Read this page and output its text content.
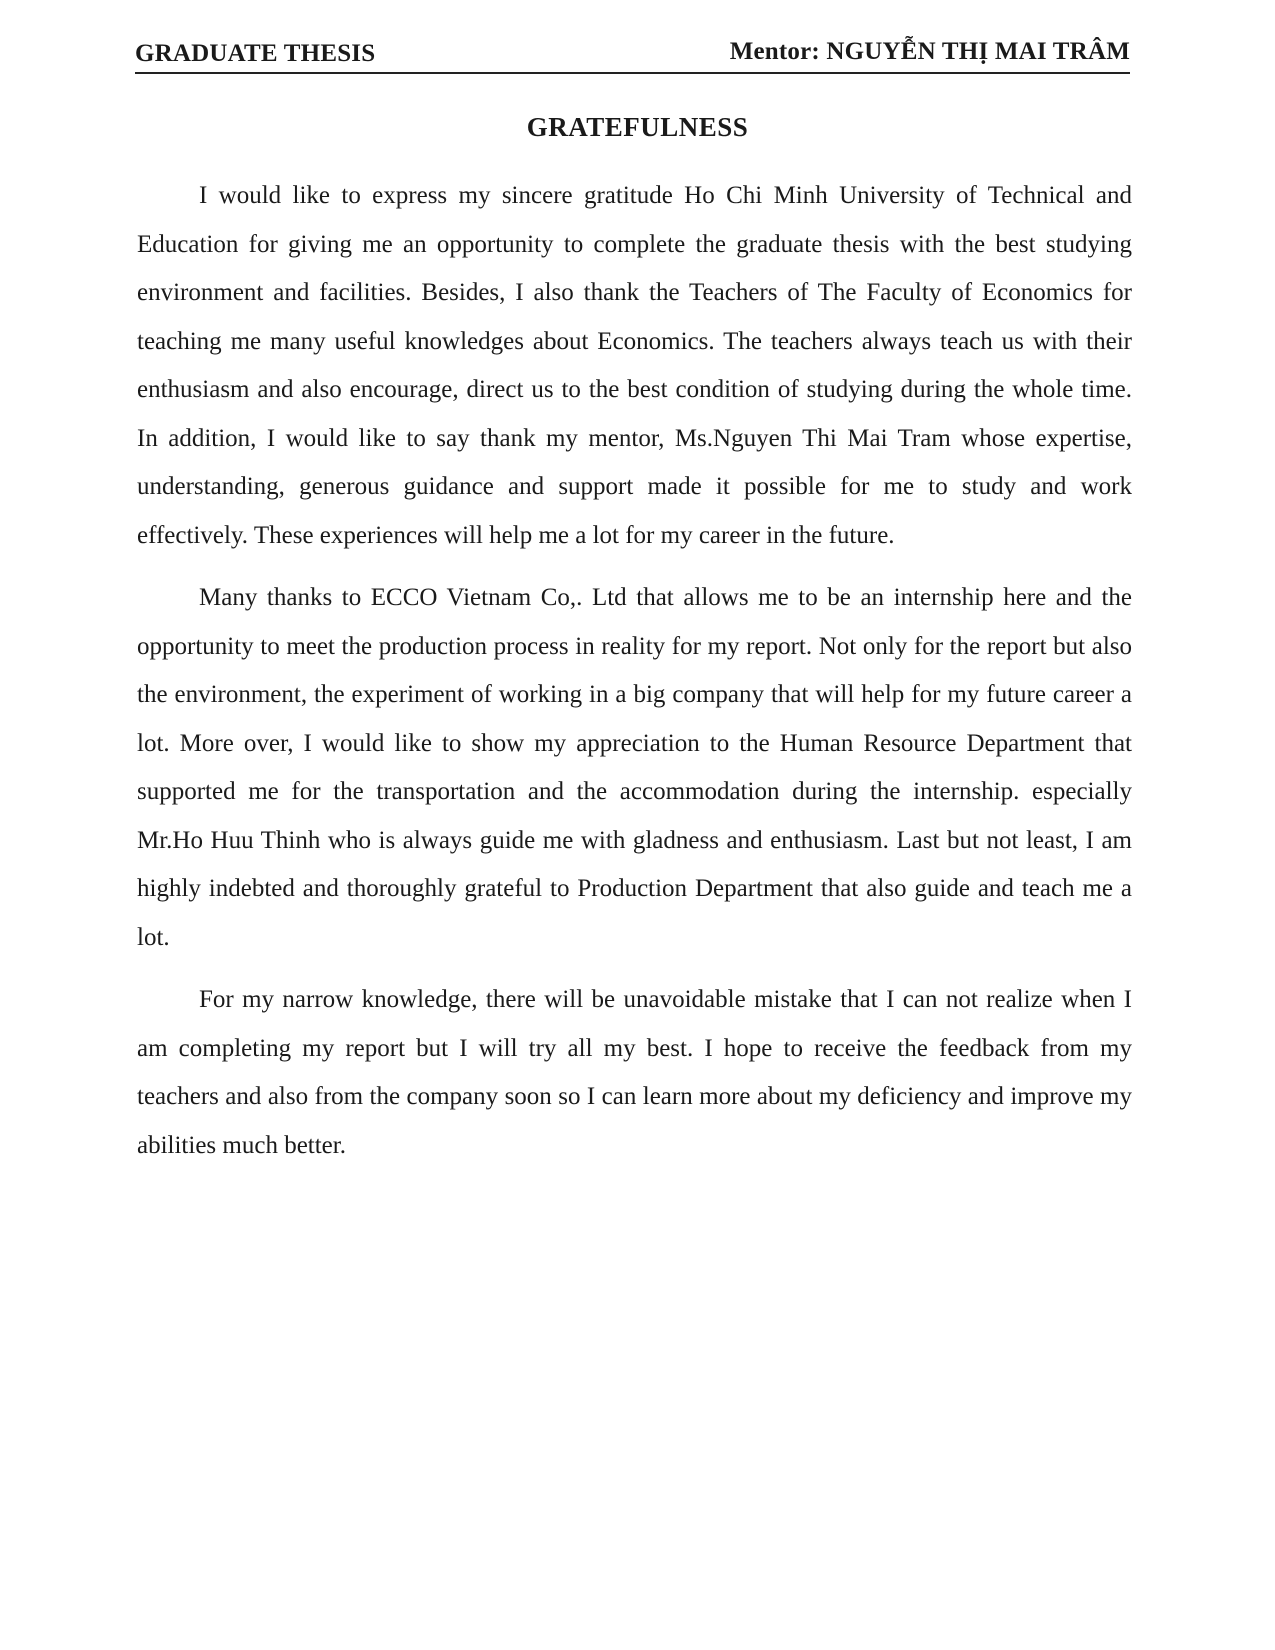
GRADUATE THESIS	Mentor: NGUYỄN THỊ MAI TRÂM
GRATEFULNESS

I would like to express my sincere gratitude Ho Chi Minh University of Technical and Education for giving me an opportunity to complete the graduate thesis with the best studying environment and facilities. Besides, I also thank the Teachers of The Faculty of Economics for teaching me many useful knowledges about Economics. The teachers always teach us with their enthusiasm and also encourage, direct us to the best condition of studying during the whole time. In addition, I would like to say thank my mentor, Ms.Nguyen Thi Mai Tram whose expertise, understanding, generous guidance and support made it possible for me to study and work effectively. These experiences will help me a lot for my career in the future.

Many thanks to ECCO Vietnam Co,. Ltd that allows me to be an internship here and the opportunity to meet the production process in reality for my report. Not only for the report but also the environment, the experiment of working in a big company that will help for my future career a lot. More over, I would like to show my appreciation to the Human Resource Department that supported me for the transportation and the accommodation during the internship. especially Mr.Ho Huu Thinh who is always guide me with gladness and enthusiasm. Last but not least, I am highly indebted and thoroughly grateful to Production Department that also guide and teach me a lot.

For my narrow knowledge, there will be unavoidable mistake that I can not realize when I am completing my report but I will try all my best. I hope to receive the feedback from my teachers and also from the company soon so I can learn more about my deficiency and improve my abilities much better.
